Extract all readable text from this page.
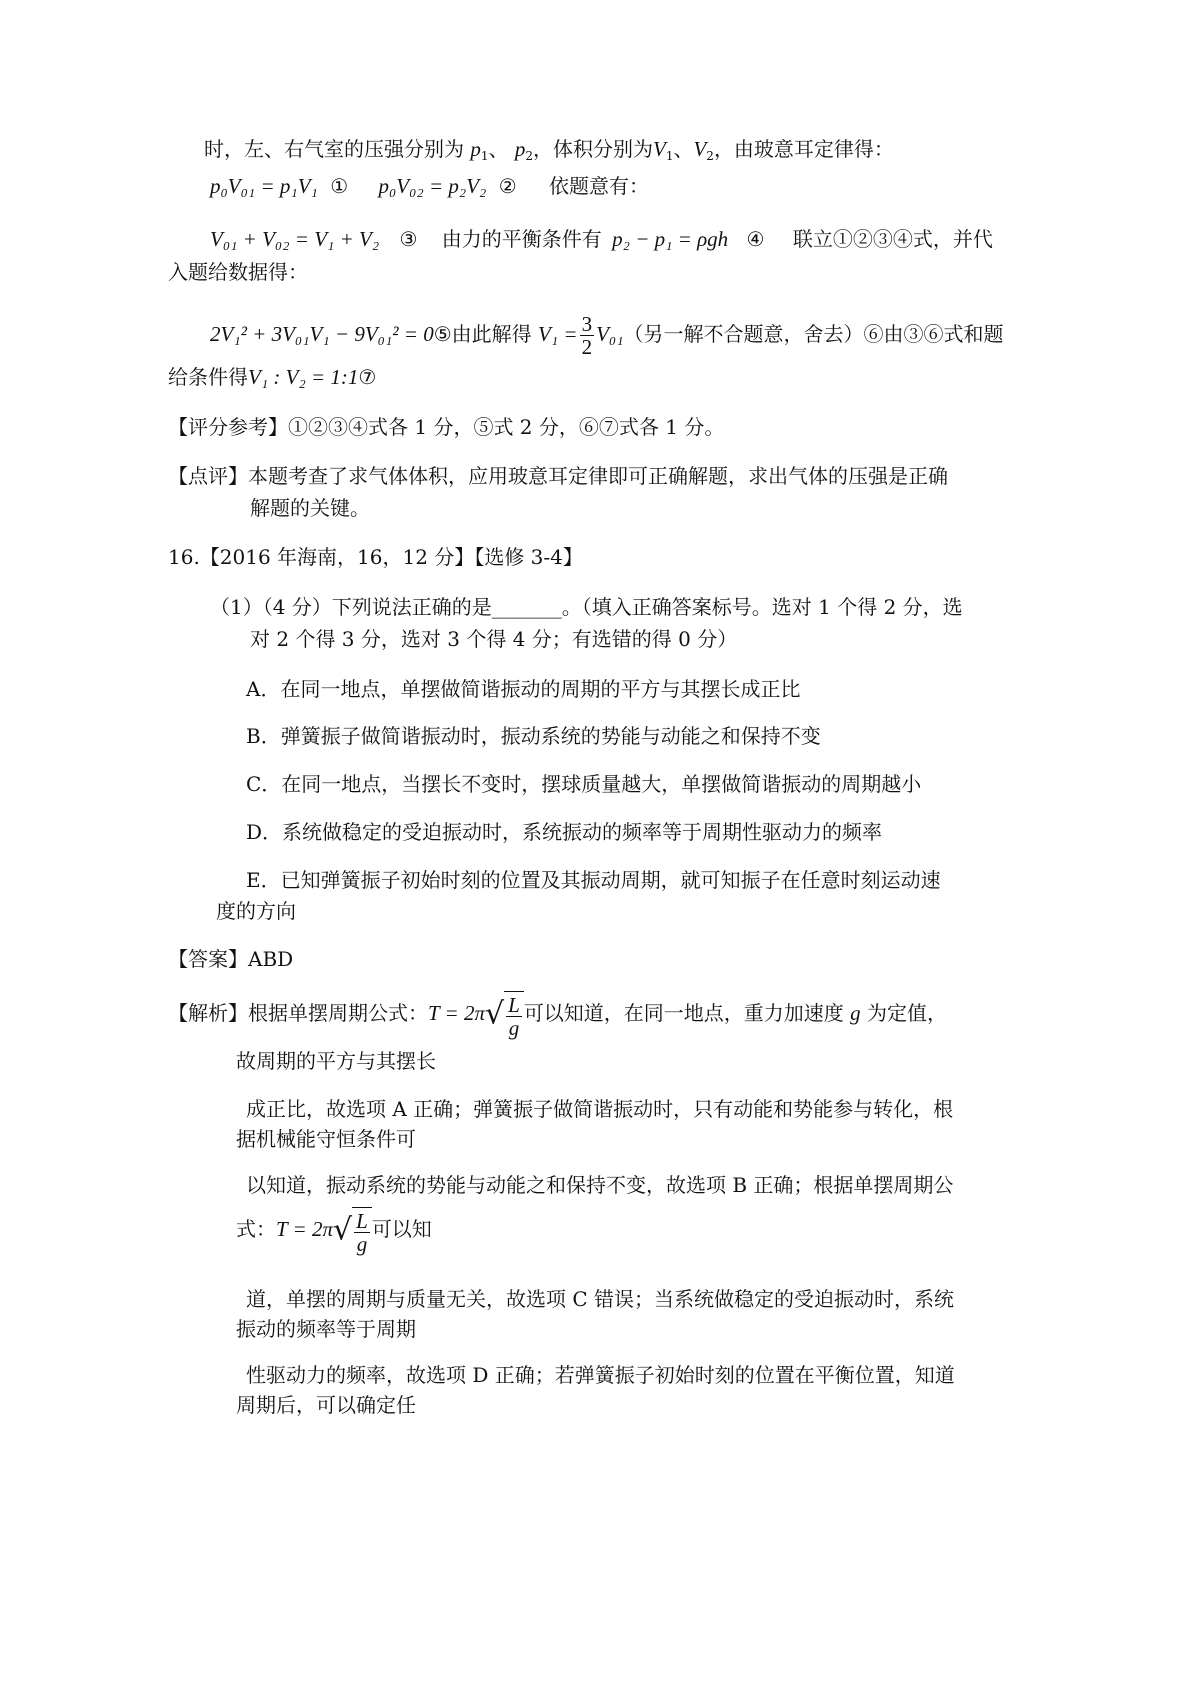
时，左、右气室的压强分别为 $p_1$、 $p_2$，体积分别为$V_1$、$V_2$，由玻意耳定律得：
p₀V₀₁ = p₁V₁ ① p₀V₀₂ = p₂V₂ ② 依题意有：
V₀₁ + V₀₂ = V₁ + V₂ ③ 由力的平衡条件有 p₂ − p₁ = ρgh ④ 联立①②③④式，并代
入题给数据得：
2V₁² + 3V₀₁V₁ − 9V₀₁² = 0⑤由此解得 $V_1 = \frac{3}{2} V_{01}$（另一解不合题意，舍去）⑥由③⑥式和题
给条件得V₁ : V₂ = 1:1⑦
【评分参考】①②③④式各 1 分，⑤式 2 分，⑥⑦式各 1 分。
【点评】本题考查了求气体体积，应用玻意耳定律即可正确解题，求出气体的压强是正确
解题的关键。
16.【2016 年海南，16，12 分】【选修 3-4】
（1）（4 分）下列说法正确的是_______。（填入正确答案标号。选对 1 个得 2 分，选
对 2 个得 3 分，选对 3 个得 4 分；有选错的得 0 分）
A．在同一地点，单摆做简谐振动的周期的平方与其摆长成正比
B．弹簧振子做简谐振动时，振动系统的势能与动能之和保持不变
C．在同一地点，当摆长不变时，摆球质量越大，单摆做简谐振动的周期越小
D．系统做稳定的受迫振动时，系统振动的频率等于周期性驱动力的频率
E．已知弹簧振子初始时刻的位置及其振动周期，就可知振子在任意时刻运动速
度的方向
【答案】ABD
【解析】根据单摆周期公式：$T = 2\pi√ \frac{L}{g}$ 可以知道，在同一地点，重力加速度 g 为定值，
故周期的平方与其摆长
成正比，故选项 A 正确；弹簧振子做简谐振动时，只有动能和势能参与转化，根
据机械能守恒条件可
以知道，振动系统的势能与动能之和保持不变，故选项 B 正确；根据单摆周期公
式：$T = 2\pi√ \frac{L}{g}$ 可以知
道，单摆的周期与质量无关，故选项 C 错误；当系统做稳定的受迫振动时，系统
振动的频率等于周期
性驱动力的频率，故选项 D 正确；若弹簧振子初始时刻的位置在平衡位置，知道
周期后，可以确定任
